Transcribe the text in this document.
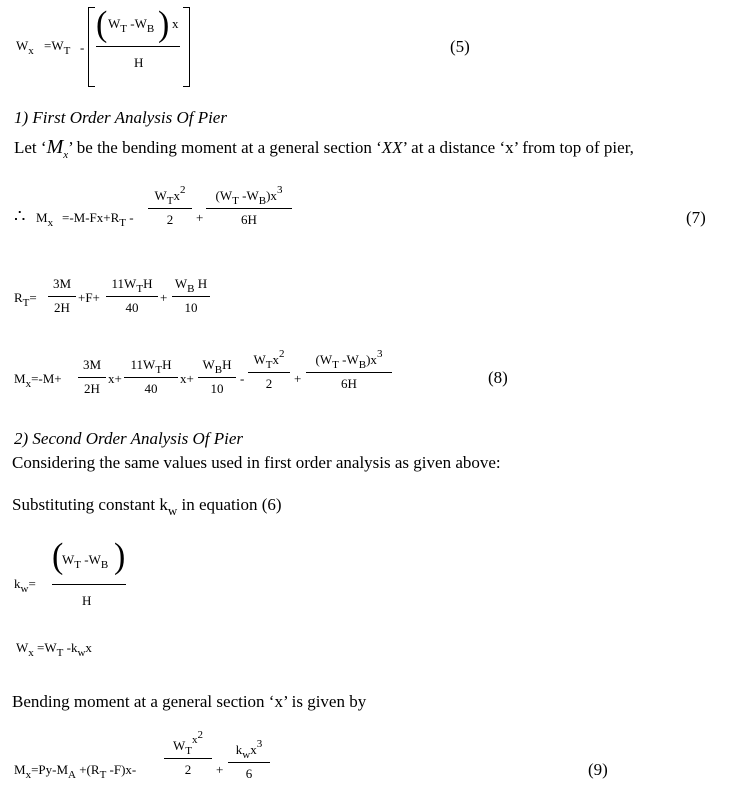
$W_x =W_T$ -
( $W_T$ $-W_B$ ) x
H
(5)
1) First Order Analysis Of Pier
Let ‘$M_x$’ be the bending moment at a general section ‘XX’ at a distance ‘x’ from top of pier,
∴ $M_x =-M-Fx+R_T$ -
$W_Tx^2$
2 +
($W_T$ $-W_B)x^3$
6H	(7)
$R_T=$
3M
2H
+F+
$11W_TH$
40
+
$W_B$ H
10
$M_x=-M+$
3M
2H
x+
$11W_TH$
40
x+
$W_BH$
10
-
$W_Tx^2$
2 +
($W_T$ $-W_B)x^3$
6H	(8)
2) Second Order Analysis Of Pier
Considering the same values used in first order analysis as given above:
Substituting constant $k_w$ in equation (6)
$k_w=$
(
$W_T$ $-W_B$ )
H
$W_x =W_T$ $-k_wx$
Bending moment at a general section ‘x’ is given by
$M_x=Py-M_A +(R_T$ -F)x-
$W_T^{x2}$
2 +
$k_wx^3$
6	(9)
